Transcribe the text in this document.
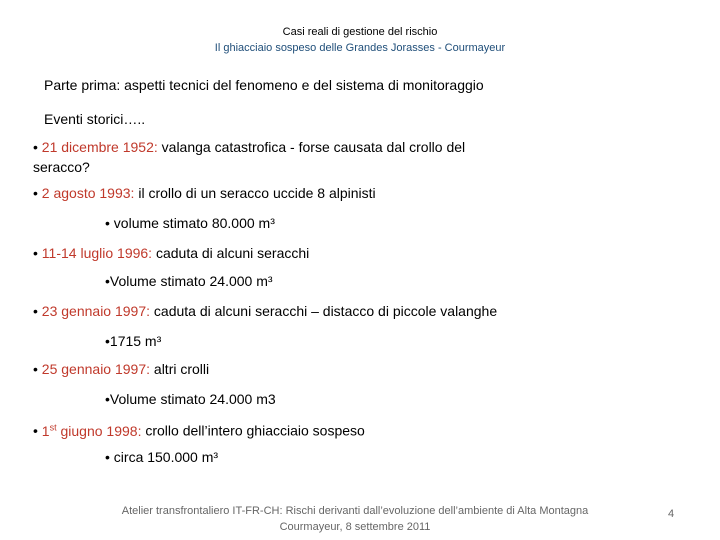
Casi reali di gestione del rischio
Il ghiacciaio sospeso delle Grandes Jorasses - Courmayeur
Parte prima: aspetti tecnici del fenomeno e del sistema di monitoraggio
Eventi storici…..
• 21 dicembre 1952: valanga catastrofica - forse causata dal crollo del
seracco?
• 2 agosto 1993: il crollo di un seracco uccide 8 alpinisti
• volume stimato 80.000 m³
• 11-14 luglio 1996: caduta di alcuni seracchi
•Volume stimato 24.000 m³
• 23 gennaio 1997: caduta di alcuni seracchi – distacco di piccole valanghe
•1715 m³
• 25 gennaio 1997: altri crolli
•Volume stimato 24.000 m3
• 1st giugno 1998: crollo dell’intero ghiacciaio sospeso
• circa 150.000 m³
Atelier transfrontaliero IT-FR-CH: Rischi derivanti dall’evoluzione dell’ambiente di Alta Montagna
Courmayeur, 8 settembre 2011
4
